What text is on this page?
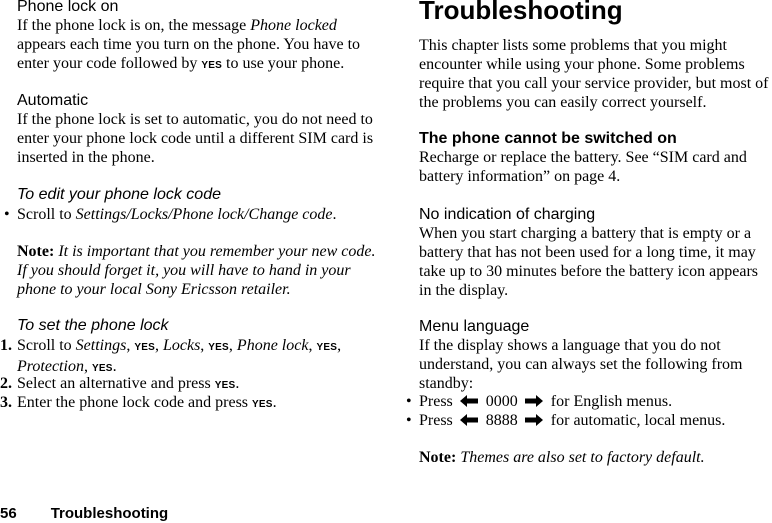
Phone lock on

If the phone lock is on, the message Phone locked appears each time you turn on the phone. You have to enter your code followed by YES to use your phone.

Automatic

If the phone lock is set to automatic, you do not need to enter your phone lock code until a different SIM card is inserted in the phone.

To edit your phone lock code

• Scroll to Settings/Locks/Phone lock/Change code.

Note: It is important that you remember your new code. If you should forget it, you will have to hand in your phone to your local Sony Ericsson retailer.

To set the phone lock

1. Scroll to Settings, YES, Locks, YES, Phone lock, YES, Protection, YES.

2. Select an alternative and press YES.

3. Enter the phone lock code and press YES.

Troubleshooting

This chapter lists some problems that you might encounter while using your phone. Some problems require that you call your service provider, but most of the problems you can easily correct yourself.

The phone cannot be switched on

Recharge or replace the battery. See “SIM card and battery information” on page 4.

No indication of charging

When you start charging a battery that is empty or a battery that has not been used for a long time, it may take up to 30 minutes before the battery icon appears in the display.

Menu language

If the display shows a language that you do not understand, you can always set the following from standby:

• Press 0000 for English menus.

• Press 8888 for automatic, local menus.

Note: Themes are also set to factory default.

56 Troubleshooting
